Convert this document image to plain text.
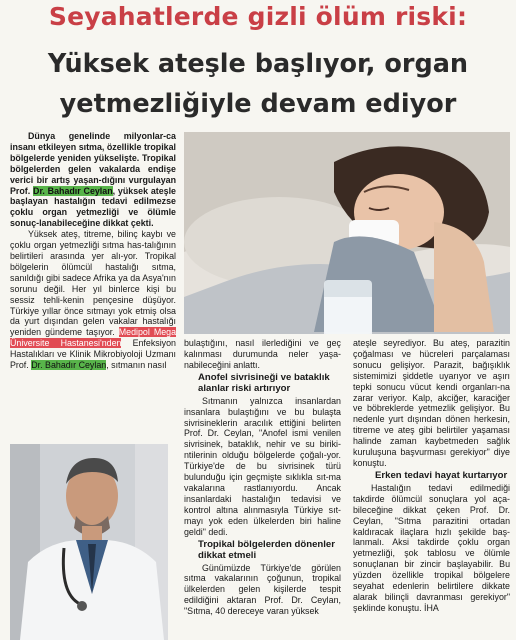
Seyahatlerde gizli ölüm riski:
Yüksek ateşle başlıyor, organ
yetmezliğiyle devam ediyor

Dünya genelinde milyonlar-ca insanı etkileyen sıtma, özellikle tropikal bölgelerde yeniden yükselişte. Tropikal bölgelerden gelen vakalarda endişe verici bir artış yaşan-dığını vurgulayan Prof. Dr. Bahadır Ceylan, yüksek ateşle başlayan hastalığın tedavi edilmezse çoklu organ yetmezliği ve ölümle sonuç-lanabileceğine dikkat çekti.

Yüksek ateş, titreme, bilinç kaybı ve çoklu organ yetmezliği sıtma has-talığının belirtileri arasında yer alı-yor. Tropikal bölgelerin ölümcül hastalığı sıtma, sanıldığı gibi sadece Afrika ya da Asya'nın sorunu değil. Her yıl binlerce kişi bu sessiz tehli-kenin pençesine düşüyor. Türkiye yıllar önce sıtmayı yok etmiş olsa da yurt dışından gelen vakalar hastalığı yeniden gündeme taşıyor. Medipol Mega Üniversite Hastanesi'nden Enfeksiyon Hastalıkları ve Klinik Mikrobiyoloji Uzmanı Prof. Dr. Bahadır Ceylan, sıtmanın nasıl

bulaştığını, nasıl ilerlediğini ve geç kalınması durumunda neler yaşa-nabileceğini anlattı.

Anofel sivrisineği ve bataklık alanlar riski artırıyor

Sıtmanın yalnızca insanlardan insanlara bulaştığını ve bu bulaşta sivrisineklerin aracılık ettiğini belirten Prof. Dr. Ceylan, "Anofel ismi venilen sivrisinek, bataklık, nehir ve su biriki-ntilerinin olduğu bölgelerde çoğalı-yor. Türkiye'de de bu sivrisinek türü bulunduğu için geçmişte sıklıkla sıt-ma vakalarına rastlanıyordu. Ancak insanlardaki hastalığın tedavisi ve kontrol altına alınmasıyla Türkiye sıt-mayı yok eden ülkelerden biri haline geldi" dedi.

Tropikal bölgelerden dönenler dikkat etmeli

Günümüzde Türkiye'de görülen sıtma vakalarının çoğunun, tropikal ülkelerden gelen kişilerde tespit edildiğini aktaran Prof. Dr. Ceylan, "Sıtma, 40 dereceye varan yüksek

ateşle seyrediyor. Bu ateş, parazitin çoğalması ve hücreleri parçalaması sonucu gelişiyor. Parazit, bağışıklık sistemimizi şiddetle uyarıyor ve aşırı tepki sonucu vücut kendi organları-na zarar veriyor. Kalp, akciğer, karaciğer ve böbreklerde yetmezlik gelişiyor. Bu nedenle yurt dışından dönen herkesin, titreme ve ateş gibi belirtiler yaşaması halinde zaman kaybetmeden sağlık kuruluşuna başvurması gerekiyor" diye konuştu.

Erken tedavi hayat kurtarıyor

Hastalığın tedavi edilmediği takdirde ölümcül sonuçlara yol aça-bileceğine dikkat çeken Prof. Dr. Ceylan, "Sıtma parazitini ortadan kaldıracak ilaçlara hızlı şekilde baş-lanmalı. Aksi takdirde çoklu organ yetmezliği, şok tablosu ve ölümle sonuçlanan bir zincir başlayabilir. Bu yüzden özellikle tropikal bölgelere seyahat edenlerin belirtilere dikkate alarak bilinçli davranması gerekiyor" şeklinde konuştu. İHA
